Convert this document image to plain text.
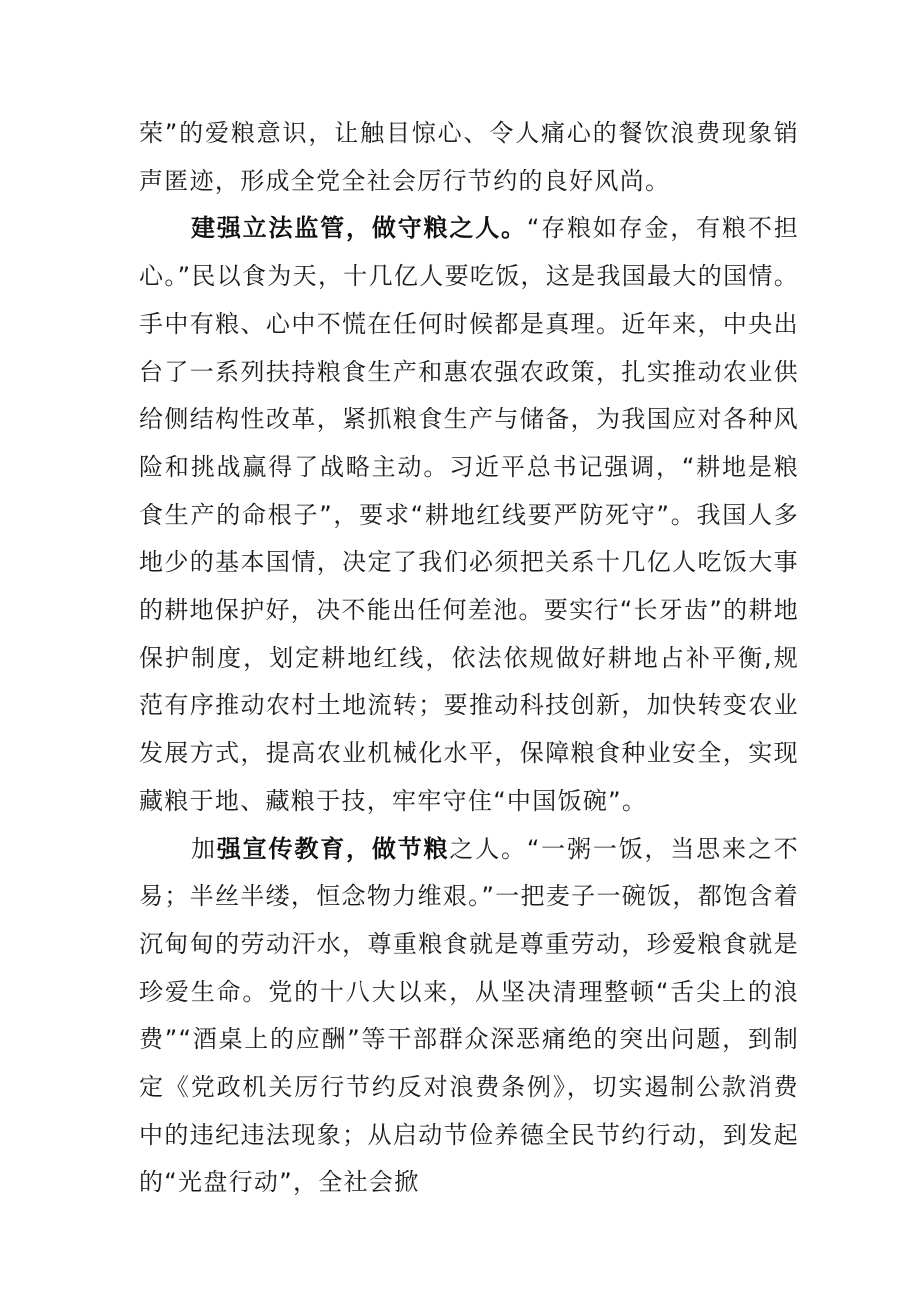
荣”的爱粮意识，让触目惊心、令人痛心的餐饮浪费现象销声匿迹，形成全党全社会厉行节约的良好风尚。

建强立法监管，做守粮之人。“存粮如存金，有粮不担心。”民以食为天，十几亿人要吃饭，这是我国最大的国情。手中有粮、心中不慌在任何时候都是真理。近年来，中央出台了一系列扶持粮食生产和惠农强农政策，扎实推动农业供给侧结构性改革，紧抓粮食生产与储备，为我国应对各种风险和挑战赢得了战略主动。习近平总书记强调，“耕地是粮食生产的命根子”，要求“耕地红线要严防死守”。我国人多地少的基本国情，决定了我们必须把关系十几亿人吃饭大事的耕地保护好，决不能出任何差池。要实行“长牙齿”的耕地保护制度，划定耕地红线，依法依规做好耕地占补平衡,规范有序推动农村土地流转；要推动科技创新，加快转变农业发展方式，提高农业机械化水平，保障粮食种业安全，实现藏粮于地、藏粮于技，牢牢守住“中国饭碗”。

加强宣传教育，做节粮之人。“一粥一饭，当思来之不易；半丝半缕，恒念物力维艰。”一把麦子一碗饭，都饱含着沉甸甸的劳动汗水，尊重粮食就是尊重劳动，珍爱粮食就是珍爱生命。党的十八大以来，从坚决清理整顿“舌尖上的浪费”“酒桌上的应酬”等干部群众深恶痛绝的突出问题，到制定《党政机关厉行节约反对浪费条例》，切实遏制公款消费中的违纪违法现象；从启动节俭养德全民节约行动，到发起的“光盘行动”，全社会掀
